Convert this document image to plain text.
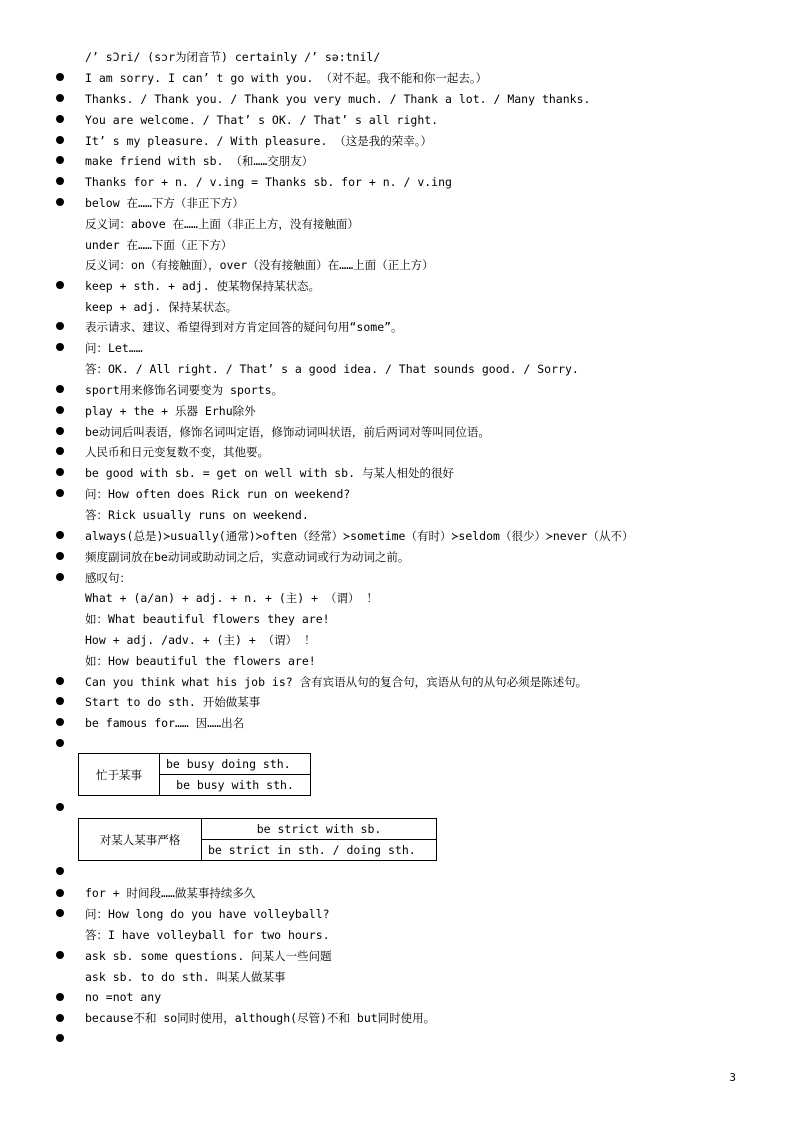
/’ sƆri/ (sɔr为闭音节) certainly /’ sə:tnil/
I am sorry. I can’ t go with you. （对不起。我不能和你一起去。）
Thanks. / Thank you. / Thank you very much. / Thank a lot. / Many thanks.
You are welcome. / That’ s OK. / That’ s all right.
It’ s my pleasure. / With pleasure. （这是我的荣幸。）
make friend with sb. （和……交朋友）
Thanks for + n. / v.ing = Thanks sb. for + n. / v.ing
below 在……下方（非正下方）
反义词：above 在……上面（非正上方，没有接触面）
under 在……下面（正下方）
反义词：on（有接触面），over（没有接触面）在……上面（正上方）
keep + sth. + adj. 使某物保持某状态。
keep + adj. 保持某状态。
表示请求、建议、希望得到对方肯定回答的疑问句用“some”。
问：Let……
答：OK. / All right. / That’ s a good idea. / That sounds good. / Sorry.
sport用来修饰名词要变为 sports。
play + the + 乐器 Erhu除外
be动词后叫表语，修饰名词叫定语，修饰动词叫状语，前后两词对等叫同位语。
人民币和日元变复数不变，其他要。
be good with sb. = get on well with sb. 与某人相处的很好
问：How often does Rick run on weekend?
答：Rick usually runs on weekend.
always(总是)≻usually(通常)≻often（经常）≻sometime（有时）≻seldom（很少）≻never（从不）
频度副词放在be动词或助动词之后，实意动词或行为动词之前。
感叹句：
What + (a/an) + adj. + n. + (主) + （谓） ！
如：What beautiful flowers they are!
How + adj. /adv. + (主) + （谓） ！
如：How beautiful the flowers are!
Can you think what his job is? 含有宾语从句的复合句，宾语从句的从句必须是陈述句。
Start to do sth. 开始做某事
be famous for…… 因……出名
忙于某事	be busy doing sth.
be busy with sth.
对某人某事严格	be strict with sb.
be strict in sth. / doing sth.
for + 时间段……做某事持续多久
问：How long do you have volleyball?
答：I have volleyball for two hours.
ask sb. some questions. 问某人一些问题
ask sb. to do sth. 叫某人做某事
no =not any
because不和 so同时使用，although(尽管)不和 but同时使用。
3
